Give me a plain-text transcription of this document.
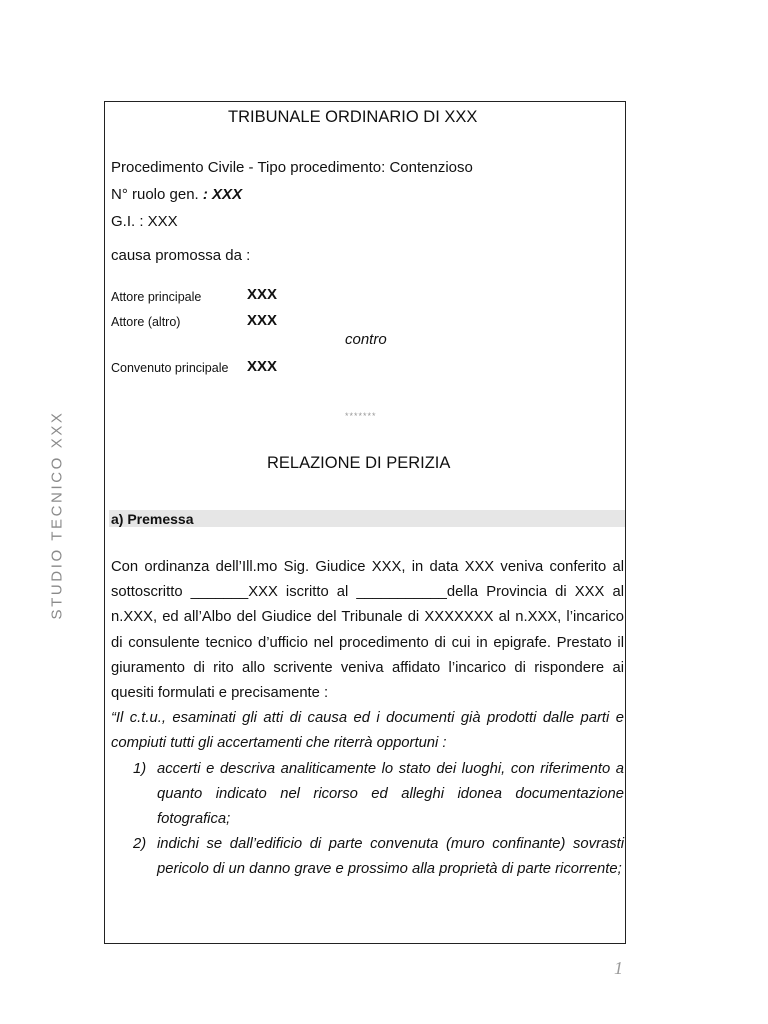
STUDIO TECNICO XXX
TRIBUNALE ORDINARIO DI XXX
Procedimento Civile - Tipo procedimento: Contenzioso
N° ruolo gen. : XXX
G.I. : XXX
causa promossa da :
Attore principale	XXX
Attore (altro)	XXX
contro
Convenuto principale XXX
*******
RELAZIONE DI PERIZIA
a) Premessa

Con ordinanza dell’Ill.mo Sig. Giudice XXX, in data XXX veniva conferito al sottoscritto _______XXX iscritto al ___________della Provincia di XXX al n.XXX, ed all’Albo del Giudice del Tribunale di XXXXXXX al n.XXX, l’incarico di consulente tecnico d’ufficio nel procedimento di cui in epigrafe. Prestato il giuramento di rito allo scrivente veniva affidato l’incarico di rispondere ai quesiti formulati e precisamente :

“Il c.t.u., esaminati gli atti di causa ed i documenti già prodotti dalle parti e compiuti tutti gli accertamenti che riterrà opportuni :

1) accerti e descriva analiticamente lo stato dei luoghi, con riferimento a quanto indicato nel ricorso ed alleghi idonea documentazione fotografica;
2) indichi se dall’edificio di parte convenuta (muro confinante) sovrasti pericolo di un danno grave e prossimo alla proprietà di parte ricorrente;
1
